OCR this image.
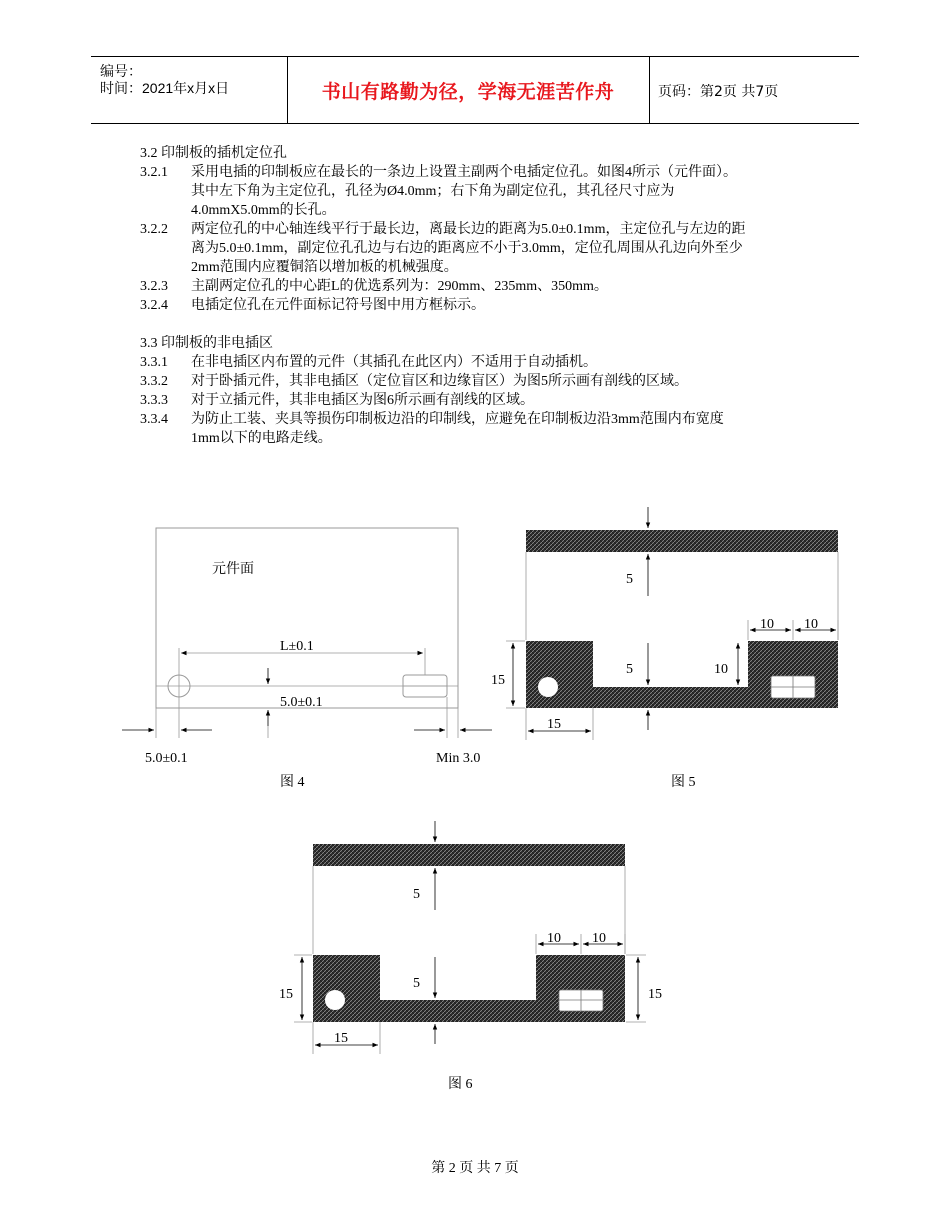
编号：
时间：2021年x月x日	书山有路勤为径，学海无涯苦作舟	页码：第2页 共7页
3.2 印制板的插机定位孔
3.2.1	采用电插的印制板应在最长的一条边上设置主副两个电插定位孔。如图4所示（元件面）。
其中左下角为主定位孔，孔径为Ø4.0mm；右下角为副定位孔，其孔径尺寸应为
4.0mmX5.0mm的长孔。
3.2.2	两定位孔的中心轴连线平行于最长边，离最长边的距离为5.0±0.1mm，主定位孔与左边的距
离为5.0±0.1mm，副定位孔孔边与右边的距离应不小于3.0mm，定位孔周围从孔边向外至少
2mm范围内应覆铜箔以增加板的机械强度。
3.2.3	主副两定位孔的中心距L的优选系列为：290mm、235mm、350mm。
3.2.4	电插定位孔在元件面标记符号图中用方框标示。
3.3 印制板的非电插区
3.3.1	在非电插区内布置的元件（其插孔在此区内）不适用于自动插机。
3.3.2	对于卧插元件，其非电插区（定位盲区和边缘盲区）为图5所示画有剖线的区域。
3.3.3	对于立插元件，其非电插区为图6所示画有剖线的区域。
3.3.4	为防止工装、夹具等损伤印制板边沿的印制线，应避免在印制板边沿3mm范围内布宽度
1mm以下的电路走线。
元件面
L±0.1
5.0±0.1
5.0±0.1	Min 3.0
图 4
5
10 10
15
5	10
15
图 5
5
10 10
15
5
15
15
图 6
第 2 页 共 7 页
